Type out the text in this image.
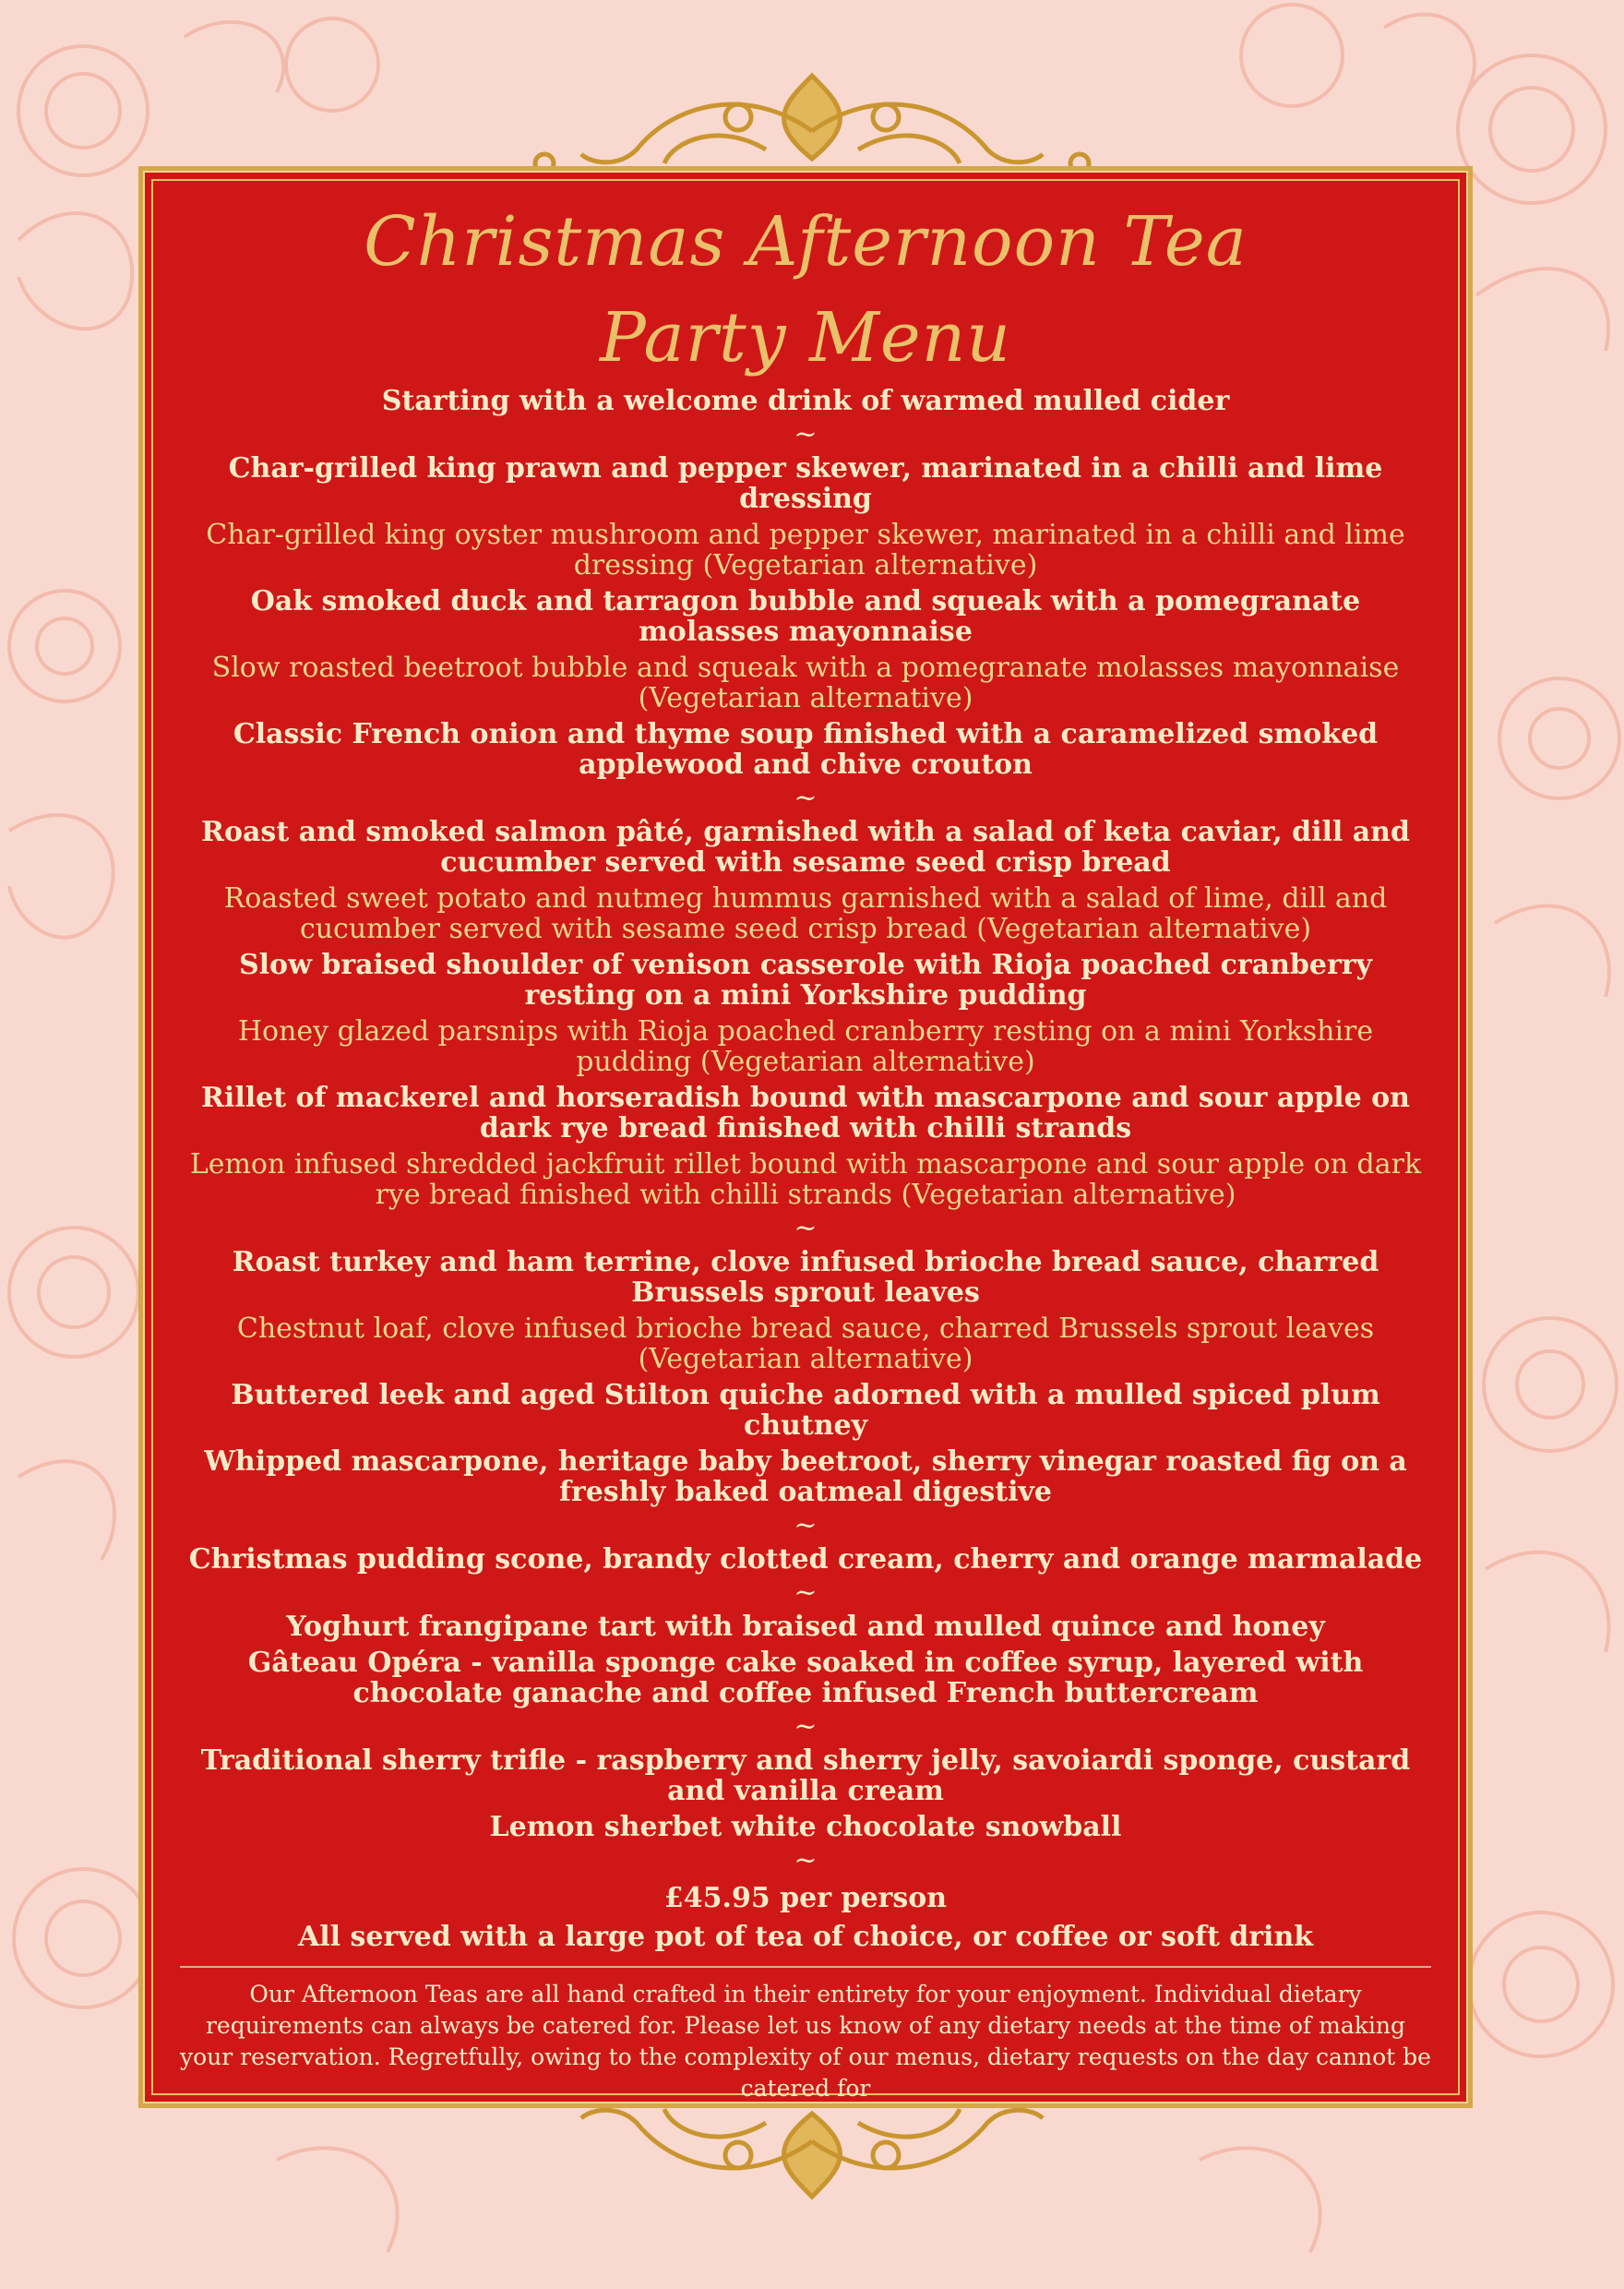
Christmas Afternoon Tea
Party Menu

Starting with a welcome drink of warmed mulled cider

~
Char-grilled king prawn and pepper skewer, marinated in a chilli and lime dressing
Char-grilled king oyster mushroom and pepper skewer, marinated in a chilli and lime dressing (Vegetarian alternative)
Oak smoked duck and tarragon bubble and squeak with a pomegranate molasses mayonnaise
Slow roasted beetroot bubble and squeak with a pomegranate molasses mayonnaise (Vegetarian alternative)
Classic French onion and thyme soup finished with a caramelized smoked applewood and chive crouton
~
Roast and smoked salmon pâté, garnished with a salad of keta caviar, dill and cucumber served with sesame seed crisp bread
Roasted sweet potato and nutmeg hummus garnished with a salad of lime, dill and cucumber served with sesame seed crisp bread (Vegetarian alternative)
Slow braised shoulder of venison casserole with Rioja poached cranberry resting on a mini Yorkshire pudding
Honey glazed parsnips with Rioja poached cranberry resting on a mini Yorkshire pudding (Vegetarian alternative)
Rillet of mackerel and horseradish bound with mascarpone and sour apple on dark rye bread finished with chilli strands
Lemon infused shredded jackfruit rillet bound with mascarpone and sour apple on dark rye bread finished with chilli strands (Vegetarian alternative)
~
Roast turkey and ham terrine, clove infused brioche bread sauce, charred Brussels sprout leaves
Chestnut loaf, clove infused brioche bread sauce, charred Brussels sprout leaves (Vegetarian alternative)
Buttered leek and aged Stilton quiche adorned with a mulled spiced plum chutney
Whipped mascarpone, heritage baby beetroot, sherry vinegar roasted fig on a freshly baked oatmeal digestive
~
Christmas pudding scone, brandy clotted cream, cherry and orange marmalade
~
Yoghurt frangipane tart with braised and mulled quince and honey
Gâteau Opéra - vanilla sponge cake soaked in coffee syrup, layered with chocolate ganache and coffee infused French buttercream
~
Traditional sherry trifle - raspberry and sherry jelly, savoiardi sponge, custard and vanilla cream
Lemon sherbet white chocolate snowball
~

£45.95 per person

All served with a large pot of tea of choice, or coffee or soft drink

Our Afternoon Teas are all hand crafted in their entirety for your enjoyment. Individual dietary requirements can always be catered for. Please let us know of any dietary needs at the time of making your reservation. Regretfully, owing to the complexity of our menus, dietary requests on the day cannot be catered for
